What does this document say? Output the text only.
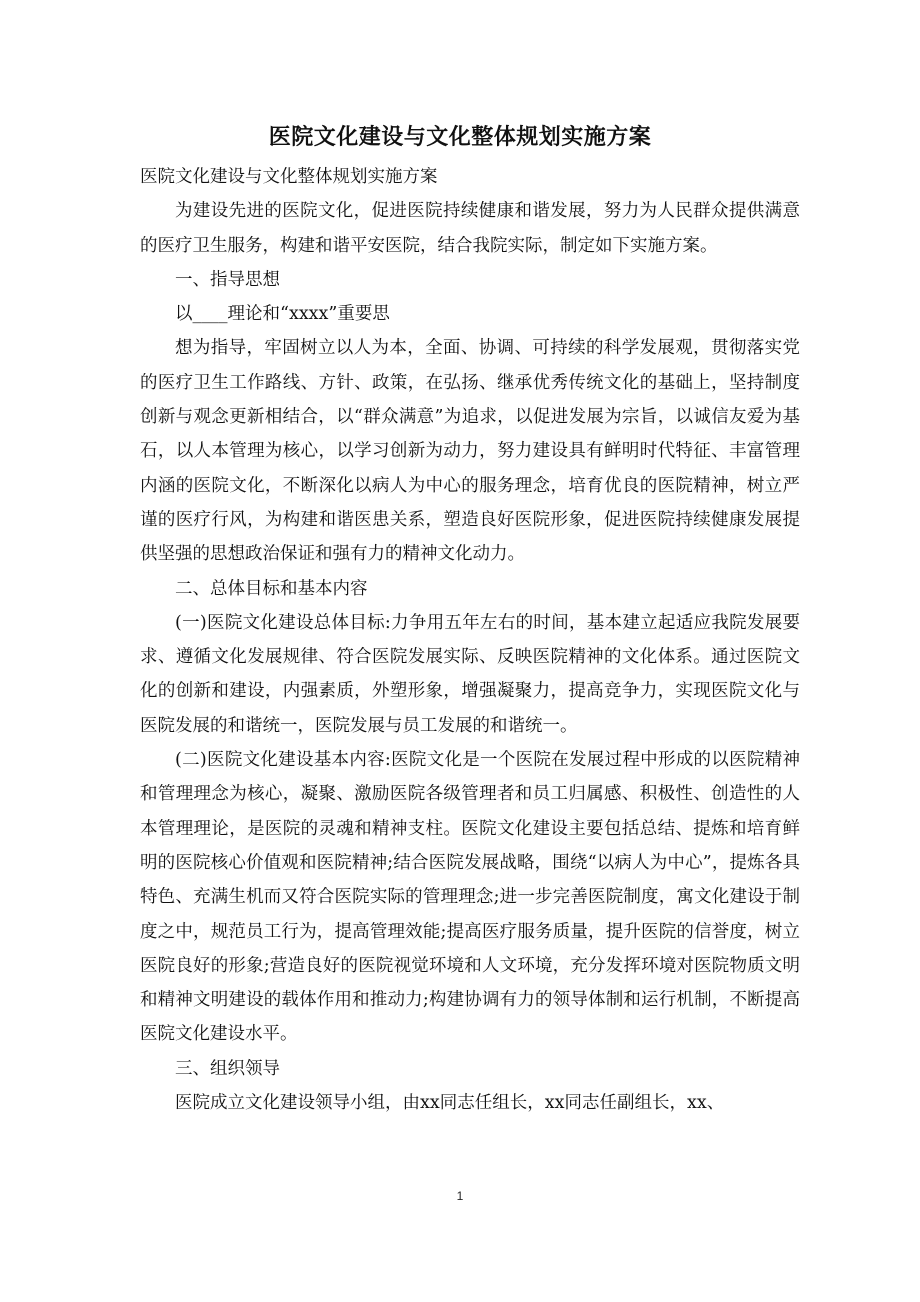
医院文化建设与文化整体规划实施方案

医院文化建设与文化整体规划实施方案

为建设先进的医院文化，促进医院持续健康和谐发展，努力为人民群众提供满意的医疗卫生服务，构建和谐平安医院，结合我院实际，制定如下实施方案。

一、指导思想

以____理论和“xxxx”重要思

想为指导，牢固树立以人为本，全面、协调、可持续的科学发展观，贯彻落实党的医疗卫生工作路线、方针、政策，在弘扬、继承优秀传统文化的基础上，坚持制度创新与观念更新相结合，以“群众满意”为追求，以促进发展为宗旨，以诚信友爱为基石，以人本管理为核心，以学习创新为动力，努力建设具有鲜明时代特征、丰富管理内涵的医院文化，不断深化以病人为中心的服务理念，培育优良的医院精神，树立严谨的医疗行风，为构建和谐医患关系，塑造良好医院形象，促进医院持续健康发展提供坚强的思想政治保证和强有力的精神文化动力。

二、总体目标和基本内容

(一)医院文化建设总体目标:力争用五年左右的时间，基本建立起适应我院发展要求、遵循文化发展规律、符合医院发展实际、反映医院精神的文化体系。通过医院文化的创新和建设，内强素质，外塑形象，增强凝聚力，提高竞争力，实现医院文化与医院发展的和谐统一，医院发展与员工发展的和谐统一。

(二)医院文化建设基本内容:医院文化是一个医院在发展过程中形成的以医院精神和管理理念为核心，凝聚、激励医院各级管理者和员工归属感、积极性、创造性的人本管理理论，是医院的灵魂和精神支柱。医院文化建设主要包括总结、提炼和培育鲜明的医院核心价值观和医院精神;结合医院发展战略，围绕“以病人为中心”，提炼各具特色、充满生机而又符合医院实际的管理理念;进一步完善医院制度，寓文化建设于制度之中，规范员工行为，提高管理效能;提高医疗服务质量，提升医院的信誉度，树立医院良好的形象;营造良好的医院视觉环境和人文环境，充分发挥环境对医院物质文明和精神文明建设的载体作用和推动力;构建协调有力的领导体制和运行机制，不断提高医院文化建设水平。

三、组织领导

医院成立文化建设领导小组，由xx同志任组长，xx同志任副组长，xx、

1
